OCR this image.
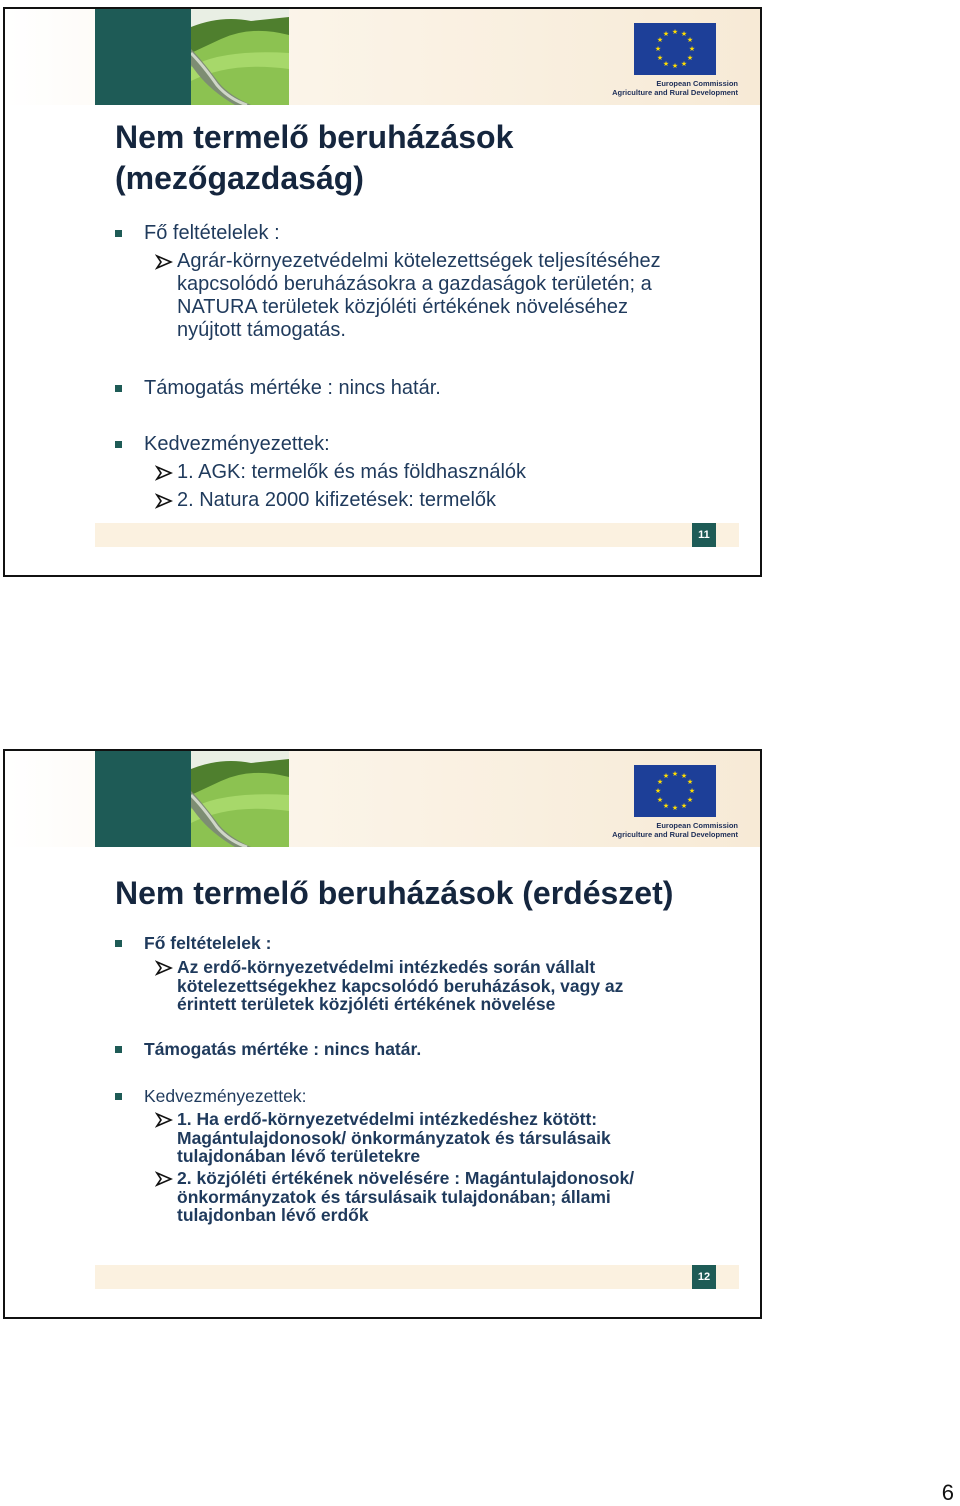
★ ★
★
★
★
★
★
★
★
★
★
★
European Commission
Agriculture and Rural Development
Nem termelő beruházások
(mezőgazdaság)
Fő feltételelek :
Agrár-környezetvédelmi kötelezettségek teljesítéséhez
kapcsolódó beruházásokra a gazdaságok területén; a
NATURA területek közjóléti értékének növeléséhez
nyújtott támogatás.
Támogatás mértéke : nincs határ.
Kedvezményezettek:
1. AGK: termelők és más földhasználók
2. Natura 2000 kifizetések: termelők
11
★ ★
★
★
★
★
★
★
★
★
★
★
European Commission
Agriculture and Rural Development
Nem termelő beruházások (erdészet)
Fő feltételelek :
Az erdő-környezetvédelmi intézkedés során vállalt
kötelezettségekhez kapcsolódó beruházások, vagy az
érintett területek közjóléti értékének növelése
Támogatás mértéke : nincs határ.
Kedvezményezettek:
1. Ha erdő-környezetvédelmi intézkedéshez kötött:
Magántulajdonosok/ önkormányzatok és társulásaik
tulajdonában lévő területekre
2. közjóléti értékének növelésére : Magántulajdonosok/
önkormányzatok és társulásaik tulajdonában; állami
tulajdonban lévő erdők
12
6
